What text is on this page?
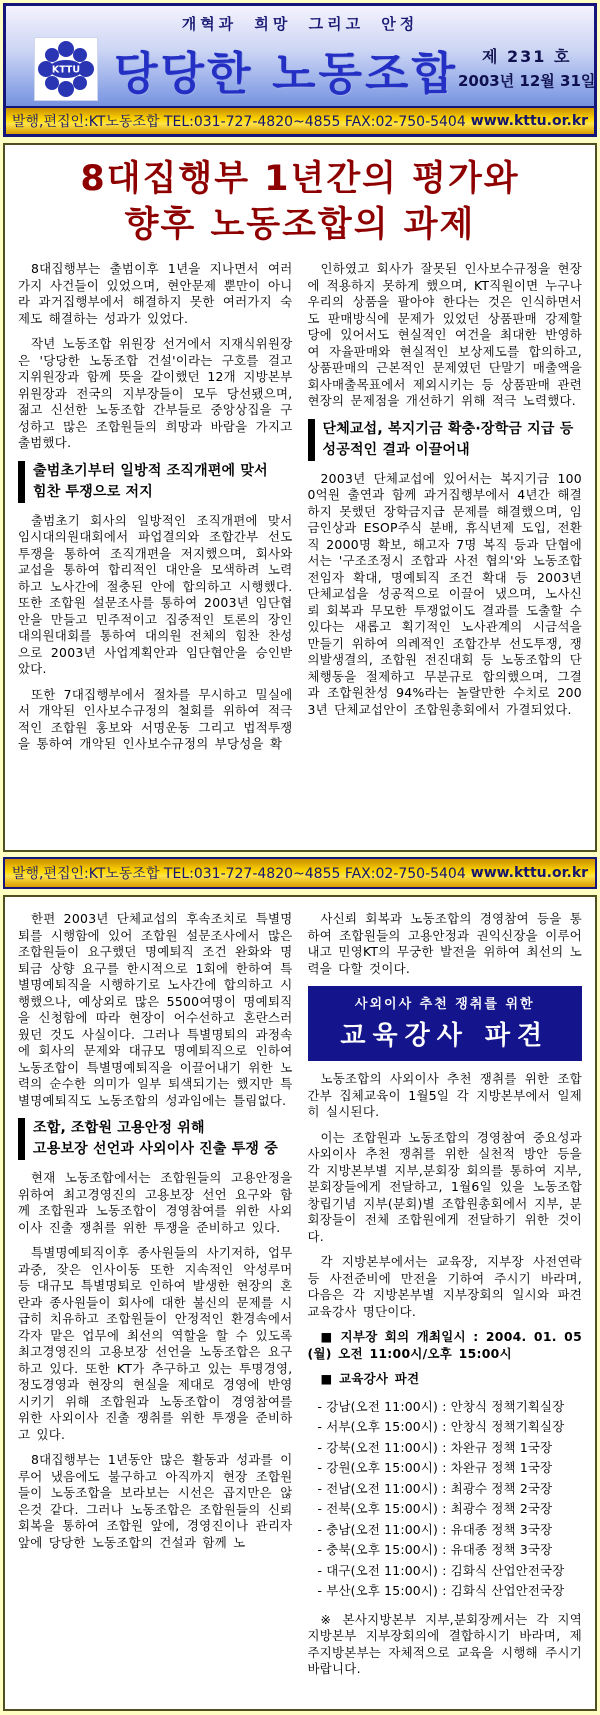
개혁과 희망 그리고 안정
KTTU 당당한 노동조합	제 231 호
2003년 12월 31일
발행,편집인:KT노동조합 TEL:031-727-4820~4855 FAX:02-750-5404 www.kttu.or.kr
8대집행부 1년간의 평가와
향후 노동조합의 과제

8대집행부는 출범이후 1년을 지나면서 여러 가지 사건들이 있었으며, 현안문제 뿐만이 아니라 과거집행부에서 해결하지 못한 여러가지 숙제도 해결하는 성과가 있었다.

작년 노동조합 위원장 선거에서 지재식위원장은 '당당한 노동조합 건설'이라는 구호를 걸고 지위원장과 함께 뜻을 같이했던 12개 지방본부위원장과 전국의 지부장들이 모두 당선됐으며, 젊고 신선한 노동조합 간부들로 중앙상집을 구성하고 많은 조합원들의 희망과 바람을 가지고 출범했다.

출범초기부터 일방적 조직개편에 맞서
힘찬 투쟁으로 저지

출범초기 회사의 일방적인 조직개편에 맞서 임시대의원대회에서 파업결의와 조합간부 선도투쟁을 통하여 조직개편을 저지했으며, 회사와 교섭을 통하여 합리적인 대안을 모색하려 노력하고 노사간에 절충된 안에 합의하고 시행했다. 또한 조합원 설문조사를 통하여 2003년 임단협안을 만들고 민주적이고 집중적인 토론의 장인 대의원대회를 통하여 대의원 전체의 힘찬 찬성으로 2003년 사업계획안과 임단협안을 승인받았다.

또한 7대집행부에서 절차를 무시하고 밀실에서 개악된 인사보수규정의 철회를 위하여 적극적인 조합원 홍보와 서명운동 그리고 법적투쟁을 통하여 개악된 인사보수규정의 부당성을 확

인하였고 회사가 잘못된 인사보수규정을 현장에 적용하지 못하게 했으며, KT직원이면 누구나 우리의 상품을 팔아야 한다는 것은 인식하면서도 판매방식에 문제가 있었던 상품판매 강제할당에 있어서도 현실적인 여건을 최대한 반영하여 자율판매와 현실적인 보상제도를 합의하고, 상품판매의 근본적인 문제였던 단말기 매출액을 회사매출목표에서 제외시키는 등 상품판매 관련 현장의 문제점을 개선하기 위해 적극 노력했다.

단체교섭, 복지기금 확충·장학금 지급 등
성공적인 결과 이끌어내

2003년 단체교섭에 있어서는 복지기금 1000억원 출연과 함께 과거집행부에서 4년간 해결하지 못했던 장학금지급 문제를 해결했으며, 임금인상과 ESOP주식 분배, 휴식년제 도입, 전환직 2000명 확보, 해고자 7명 복직 등과 단협에서는 '구조조정시 조합과 사전 협의'와 노동조합 전임자 확대, 명예퇴직 조건 확대 등 2003년 단체교섭을 성공적으로 이끌어 냈으며, 노사신뢰 회복과 무모한 투쟁없이도 결과를 도출할 수 있다는 새롭고 획기적인 노사관계의 시금석을 만들기 위하여 의례적인 조합간부 선도투쟁, 쟁의발생결의, 조합원 전진대회 등 노동조합의 단체행동을 절제하고 무분규로 합의했으며, 그결과 조합원찬성 94%라는 놀랄만한 수치로 2003년 단체교섭안이 조합원총회에서 가결되었다.

발행,편집인:KT노동조합 TEL:031-727-4820~4855 FAX:02-750-5404 www.kttu.or.kr

한편 2003년 단체교섭의 후속조치로 특별명퇴를 시행함에 있어 조합원 설문조사에서 많은 조합원들이 요구했던 명예퇴직 조건 완화와 명퇴금 상향 요구를 한시적으로 1회에 한하여 특별명예퇴직을 시행하기로 노사간에 합의하고 시행했으나, 예상외로 많은 5500여명이 명예퇴직을 신청함에 따라 현장이 어수선하고 혼란스러웠던 것도 사실이다. 그러나 특별명퇴의 과정속에 회사의 문제와 대규모 명예퇴직으로 인하여 노동조합이 특별명예퇴직을 이끌어내기 위한 노력의 순수한 의미가 일부 퇴색되기는 했지만 특별명예퇴직도 노동조합의 성과임에는 틀림없다.

조합, 조합원 고용안정 위해
고용보장 선언과 사외이사 진출 투쟁 중

현재 노동조합에서는 조합원들의 고용안정을 위하여 최고경영진의 고용보장 선언 요구와 함께 조합원과 노동조합이 경영참여를 위한 사외이사 진출 쟁취를 위한 투쟁을 준비하고 있다.

특별명예퇴직이후 종사원들의 사기저하, 업무과중, 잦은 인사이동 또한 지속적인 악성루머 등 대규모 특별명퇴로 인하여 발생한 현장의 혼란과 종사원들이 회사에 대한 불신의 문제를 시급히 치유하고 조합원들이 안정적인 환경속에서 각자 맡은 업무에 최선의 역할을 할 수 있도록 최고경영진의 고용보장 선언을 노동조합은 요구하고 있다. 또한 KT가 추구하고 있는 투명경영, 정도경영과 현장의 현실을 제대로 경영에 반영시키기 위해 조합원과 노동조합이 경영참여를 위한 사외이사 진출 쟁취를 위한 투쟁을 준비하고 있다.

8대집행부는 1년동안 많은 활동과 성과를 이루어 냈음에도 불구하고 아직까지 현장 조합원들이 노동조합을 보라보는 시선은 곱지만은 않은것 같다. 그러나 노동조합은 조합원들의 신뢰회복을 통하여 조합원 앞에, 경영진이나 관리자 앞에 당당한 노동조합의 건설과 함께 노

사신뢰 회복과 노동조합의 경영참여 등을 통하여 조합원들의 고용안정과 권익신장을 이루어내고 민영KT의 무궁한 발전을 위하여 최선의 노력을 다할 것이다.

사외이사 추천 쟁취를 위한
교육강사 파견

노동조합의 사외이사 추천 쟁취를 위한 조합간부 집체교육이 1월5일 각 지방본부에서 일제히 실시된다.

이는 조합원과 노동조합의 경영참여 중요성과 사외이사 추천 쟁취를 위한 실천적 방안 등을 각 지방본부별 지부,분회장 회의를 통하여 지부,분회장들에게 전달하고, 1월6일 있을 노동조합 창립기념 지부(분회)별 조합원총회에서 지부, 분회장들이 전체 조합원에게 전달하기 위한 것이다.

각 지방본부에서는 교육장, 지부장 사전연락 등 사전준비에 만전을 기하여 주시기 바라며, 다음은 각 지방본부별 지부장회의 일시와 파견 교육강사 명단이다.

■ 지부장 회의 개최일시 : 2004. 01. 05(월) 오전 11:00시/오후 15:00시

■ 교육강사 파견

- 강남(오전 11:00시) : 안창식 정책기획실장
- 서부(오후 15:00시) : 안창식 정책기획실장
- 강북(오전 11:00시) : 차완규 정책 1국장
- 강원(오후 15:00시) : 차완규 정책 1국장
- 전남(오전 11:00시) : 최광수 정책 2국장
- 전북(오후 15:00시) : 최광수 정책 2국장
- 충남(오전 11:00시) : 유대종 정책 3국장
- 충북(오후 15:00시) : 유대종 정책 3국장
- 대구(오전 11:00시) : 김화식 산업안전국장
- 부산(오후 15:00시) : 김화식 산업안전국장

※ 본사지방본부 지부,분회장께서는 각 지역 지방본부 지부장회의에 결합하시기 바라며, 제주지방본부는 자체적으로 교육을 시행해 주시기 바랍니다.
